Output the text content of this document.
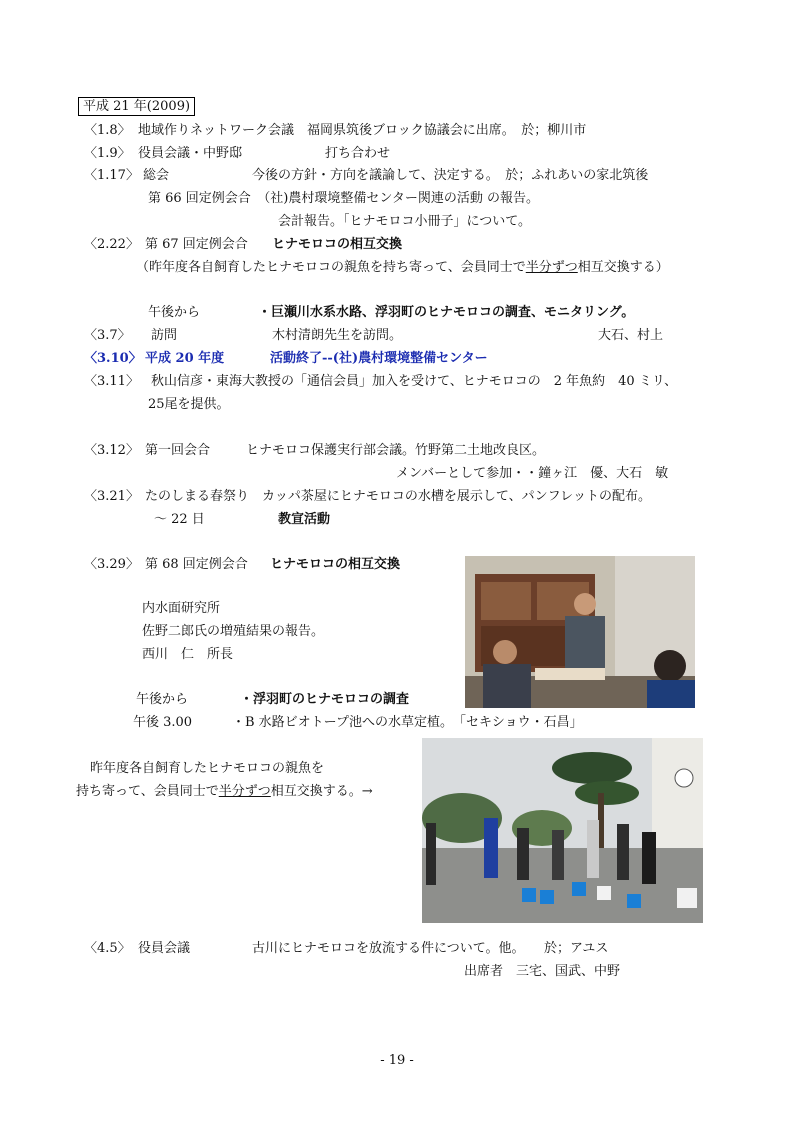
平成 21 年(2009)
〈1.8〉 地域作りネットワーク会議　福岡県筑後ブロック協議会に出席。　於；柳川市
〈1.9〉 役員会議・中野邸	打ち合わせ
〈1.17〉 総会	今後の方針・方向を議論して、決定する。　於；ふれあいの家北筑後
第 66 回定例会合　（社)農村環境整備センター関連の活動 の報告。
会計報告。「ヒナモロコ小冊子」について。
〈2.22〉 第 67 回定例会合 ヒナモロコの相互交換
（昨年度各自飼育したヒナモロコの親魚を持ち寄って、会員同士で半分ずつ相互交換する）
午後から	・巨瀬川水系水路、浮羽町のヒナモロコの調査、モニタリング。
〈3.7〉 訪問	木村清朗先生を訪問。	大石、村上
〈3.10〉 平成 20 年度	活動終了--(社)農村環境整備センター
〈3.11〉 秋山信彦・東海大教授の「通信会員」加入を受けて、ヒナモロコの　2 年魚約　40 ミリ、
25尾を提供。
〈3.12〉 第一回会合	ヒナモロコ保護実行部会議。竹野第二土地改良区。
メンバーとして参加・・鐘ヶ江　優、大石　敏
〈3.21〉 たのしまる春祭り　カッパ茶屋にヒナモロコの水槽を展示して、パンフレットの配布。
～ 22 日	教宣活動
〈3.29〉 第 68 回定例会合 ヒナモロコの相互交換
内水面研究所
佐野二郎氏の増殖結果の報告。
西川　仁　所長
午後から	・浮羽町のヒナモロコの調査
午後 3.00	・B 水路ビオトープ池への水草定植。　「セキショウ・石昌」
昨年度各自飼育したヒナモロコの親魚を
持ち寄って、会員同士で半分ずつ相互交換する。→
〈4.5〉 役員会議	古川にヒナモロコを放流する件について。他。　　於；アユス
出席者　三宅、国武、中野
- 19 -
